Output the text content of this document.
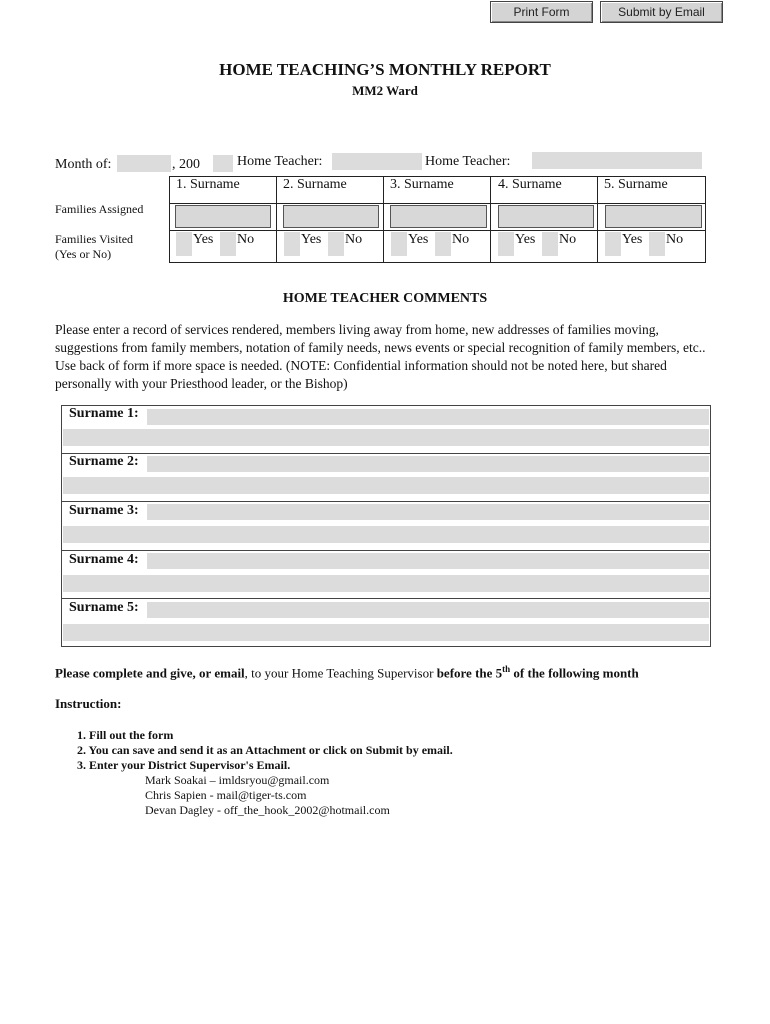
Print Form	Submit by Email
HOME TEACHING’S MONTHLY REPORT
MM2 Ward
Month of:	, 200	Home Teacher:	Home Teacher:
1. Surname	2. Surname	3. Surname	4. Surname	5. Surname
Families Assigned
Families Visited
(Yes or No)
Yes No	Yes No	Yes No	Yes No	Yes No
HOME TEACHER COMMENTS
Please enter a record of services rendered, members living away from home, new addresses of families moving, suggestions from family members, notation of family needs, news events or special recognition of family members, etc.. Use back of form if more space is needed. (NOTE: Confidential information should not be noted here, but shared personally with your Priesthood leader, or the Bishop)
Surname 1:
Surname 2:
Surname 3:
Surname 4:
Surname 5:
Please complete and give, or email, to your Home Teaching Supervisor before the 5th of the following month
Instruction:
1. Fill out the form
2. You can save and send it as an Attachment or click on Submit by email.
3. Enter your District Supervisor's Email.
Mark Soakai – imldsryou@gmail.com
Chris Sapien - mail@tiger-ts.com
Devan Dagley - off_the_hook_2002@hotmail.com
